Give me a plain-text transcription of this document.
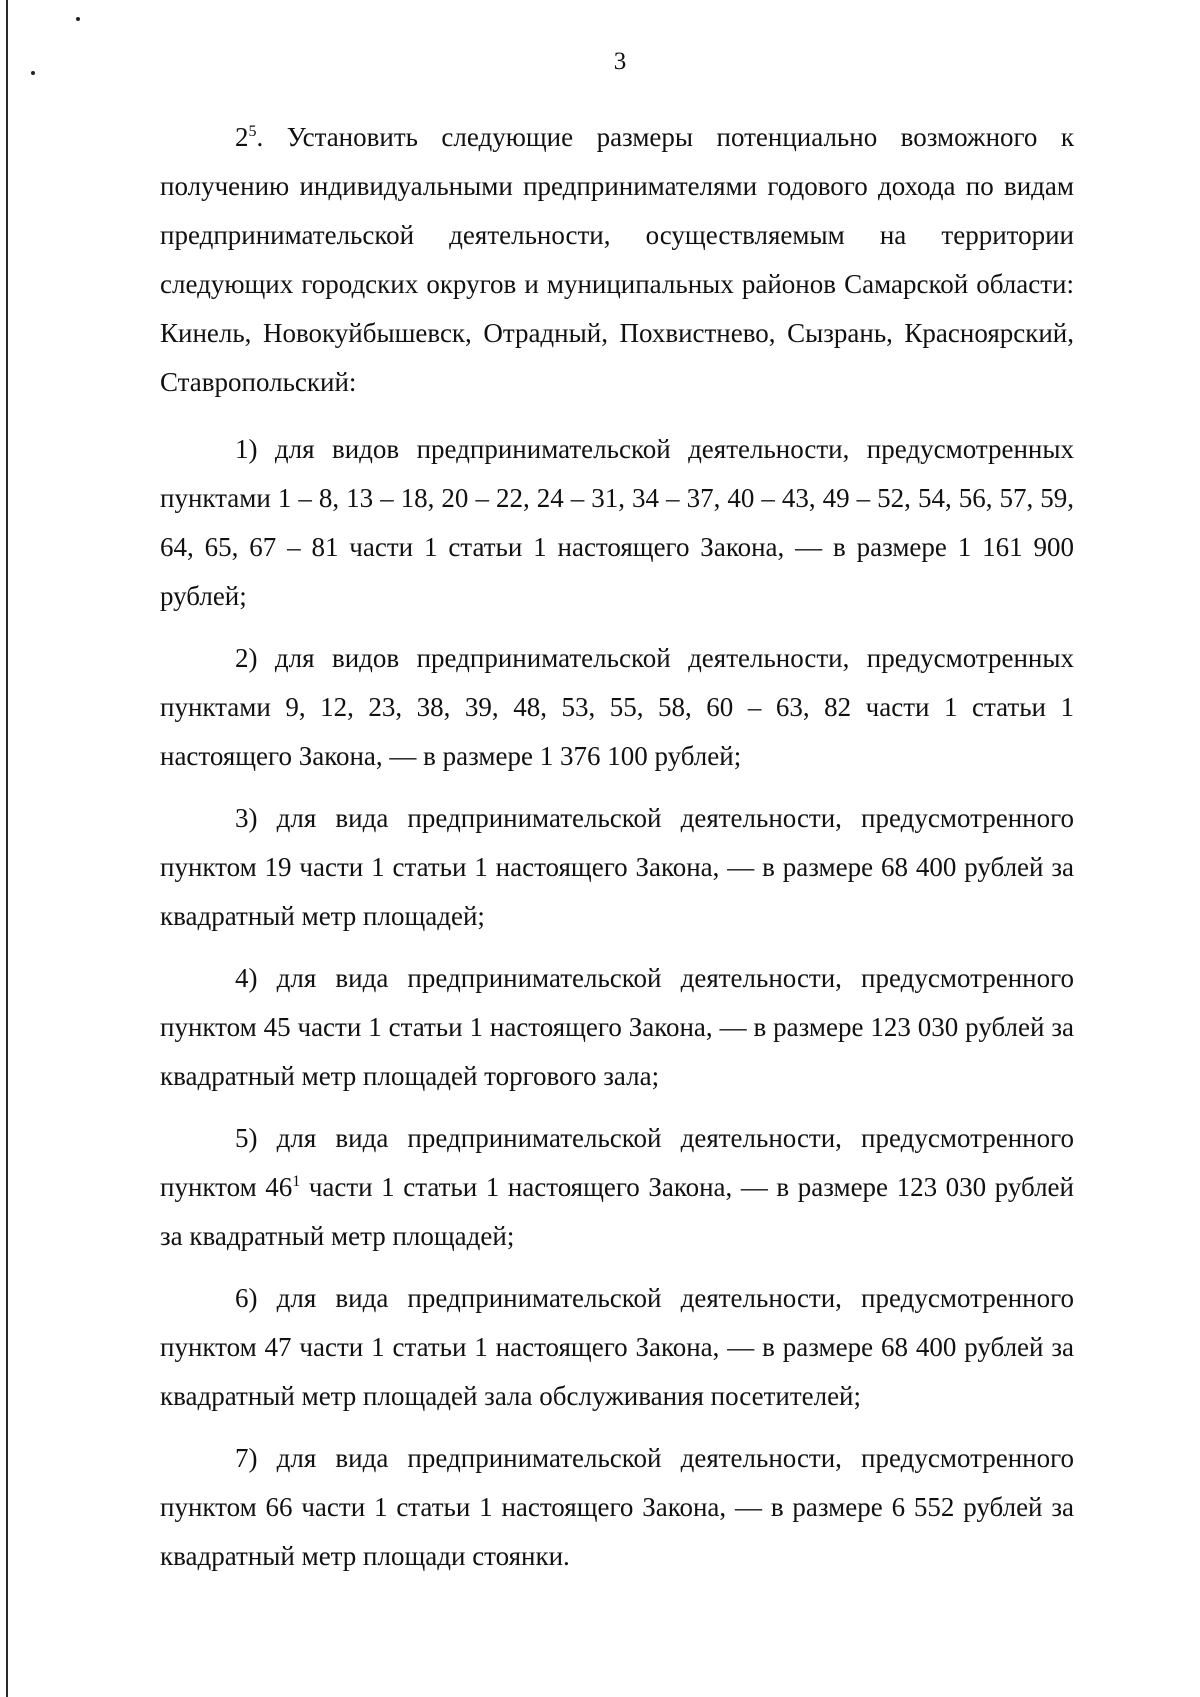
3

$2^5$. Установить следующие размеры потенциально возможного к получению индивидуальными предпринимателями годового дохода по видам предпринимательской деятельности, осуществляемым на территории следующих городских округов и муниципальных районов Самарской области: Кинель, Новокуйбышевск, Отрадный, Похвистнево, Сызрань, Красноярский, Ставропольский:

1) для видов предпринимательской деятельности, предусмотренных пунктами 1 – 8, 13 – 18, 20 – 22, 24 – 31, 34 – 37, 40 – 43, 49 – 52, 54, 56, 57, 59, 64, 65, 67 – 81 части 1 статьи 1 настоящего Закона, — в размере 1 161 900 рублей;

2) для видов предпринимательской деятельности, предусмотренных пунктами 9, 12, 23, 38, 39, 48, 53, 55, 58, 60 – 63, 82 части 1 статьи 1 настоящего Закона, — в размере 1 376 100 рублей;

3) для вида предпринимательской деятельности, предусмотренного пунктом 19 части 1 статьи 1 настоящего Закона, — в размере 68 400 рублей за квадратный метр площадей;

4) для вида предпринимательской деятельности, предусмотренного пунктом 45 части 1 статьи 1 настоящего Закона, — в размере 123 030 рублей за квадратный метр площадей торгового зала;

5) для вида предпринимательской деятельности, предусмотренного пунктом $46^1$ части 1 статьи 1 настоящего Закона, — в размере 123 030 рублей за квадратный метр площадей;

6) для вида предпринимательской деятельности, предусмотренного пунктом 47 части 1 статьи 1 настоящего Закона, — в размере 68 400 рублей за квадратный метр площадей зала обслуживания посетителей;

7) для вида предпринимательской деятельности, предусмотренного пунктом 66 части 1 статьи 1 настоящего Закона, — в размере 6 552 рублей за квадратный метр площади стоянки.
